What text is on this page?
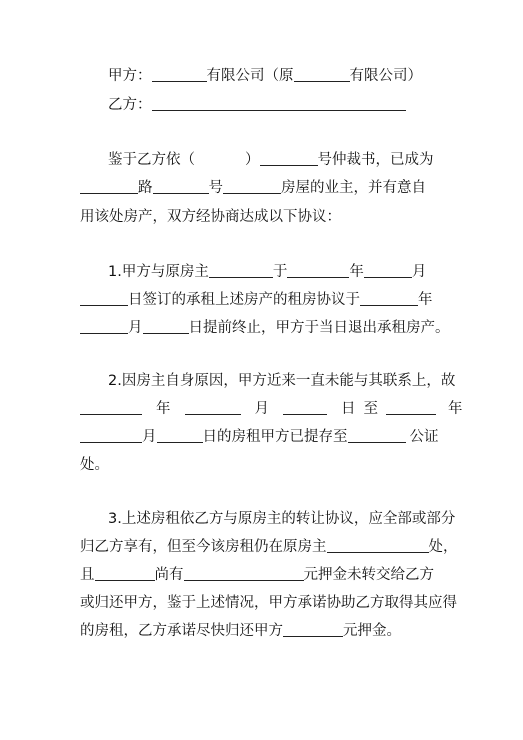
甲方：	有限公司（原	有限公司）
乙方：
鉴于乙方依（	）	号仲裁书，已成为
路	号	房屋的业主，并有意自
用该处房产，双方经协商达成以下协议：
1.甲方与原房主	于	年	月
日签订的承租上述房产的租房协议于	年
月	日提前终止，甲方于当日退出承租房产。
2.因房主自身原因，甲方近来一直未能与其联系上，故
年	月	日至	年
月	日的房租甲方已提存至	公证
处。
3.上述房租依乙方与原房主的转让协议，应全部或部分
归乙方享有，但至今该房租仍在原房主	处，
且	尚有	元押金未转交给乙方
或归还甲方，鉴于上述情况，甲方承诺协助乙方取得其应得
的房租，乙方承诺尽快归还甲方	元押金。
